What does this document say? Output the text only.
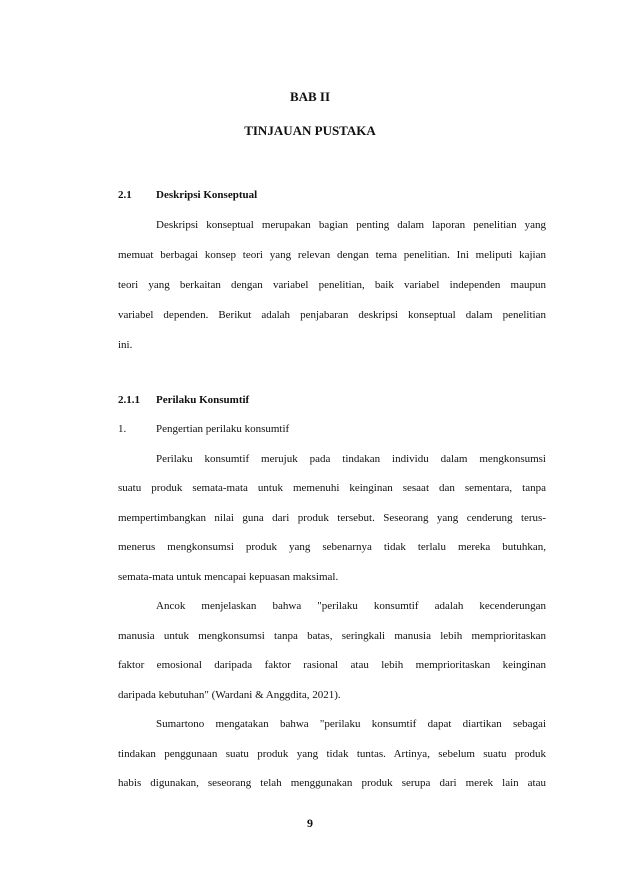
BAB II
TINJAUAN PUSTAKA
2.1 Deskripsi Konseptual
Deskripsi konseptual merupakan bagian penting dalam laporan penelitian yang
memuat berbagai konsep teori yang relevan dengan tema penelitian. Ini meliputi kajian
teori yang berkaitan dengan variabel penelitian, baik variabel independen maupun
variabel dependen. Berikut adalah penjabaran deskripsi konseptual dalam penelitian
ini.
2.1.1 Perilaku Konsumtif
1.	Pengertian perilaku konsumtif
Perilaku konsumtif merujuk pada tindakan individu dalam mengkonsumsi
suatu produk semata-mata untuk memenuhi keinginan sesaat dan sementara, tanpa
mempertimbangkan nilai guna dari produk tersebut. Seseorang yang cenderung terus-
menerus mengkonsumsi produk yang sebenarnya tidak terlalu mereka butuhkan,
semata-mata untuk mencapai kepuasan maksimal.
Ancok menjelaskan bahwa "perilaku konsumtif adalah kecenderungan
manusia untuk mengkonsumsi tanpa batas, seringkali manusia lebih memprioritaskan
faktor emosional daripada faktor rasional atau lebih memprioritaskan keinginan
daripada kebutuhan" (Wardani & Anggdita, 2021).
Sumartono mengatakan bahwa "perilaku konsumtif dapat diartikan sebagai
tindakan penggunaan suatu produk yang tidak tuntas. Artinya, sebelum suatu produk
habis digunakan, seseorang telah menggunakan produk serupa dari merek lain atau
9
